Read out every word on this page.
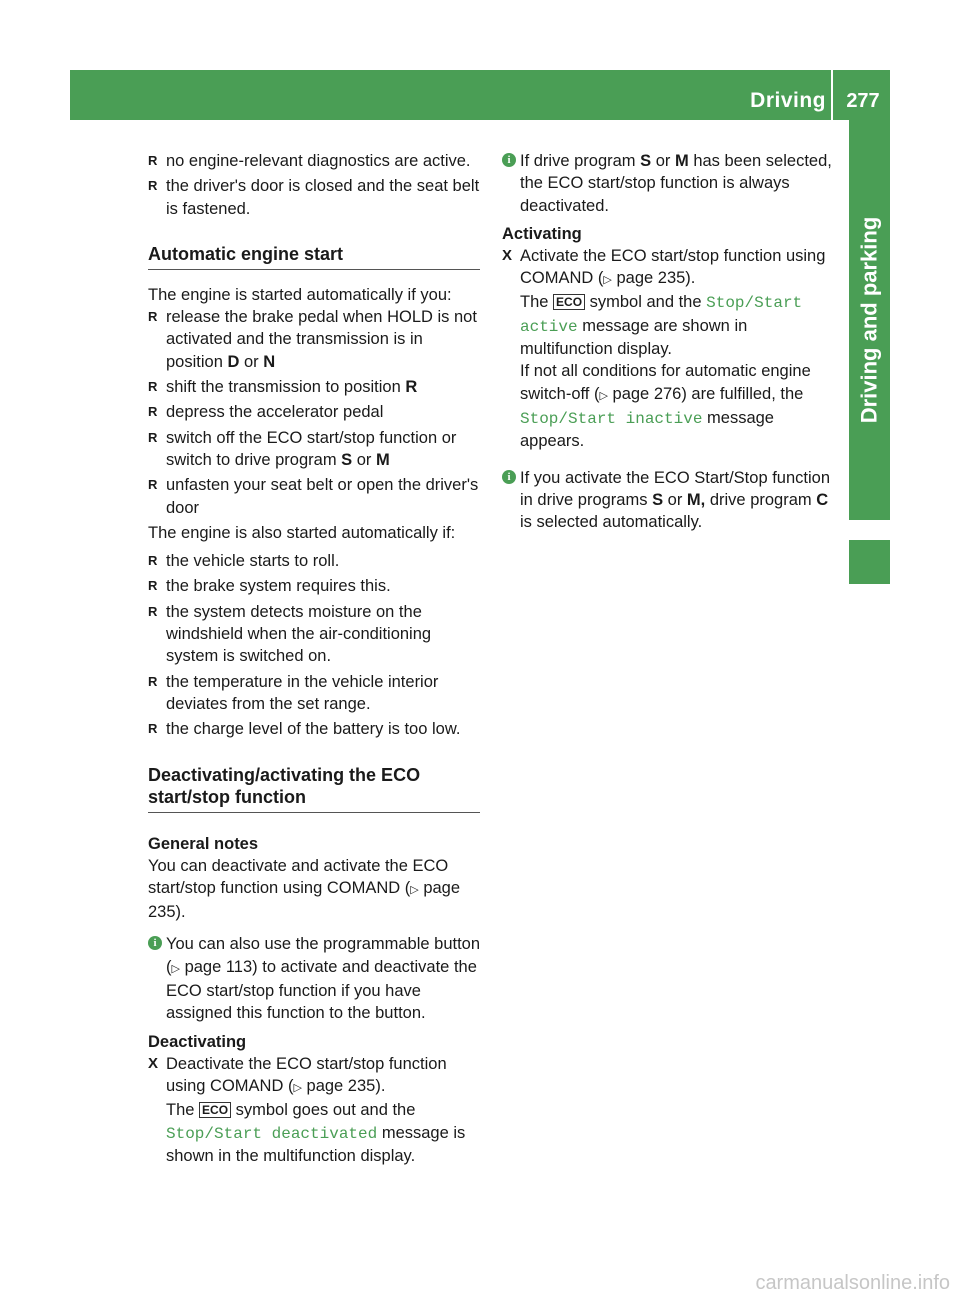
Driving	277
Driving and parking
R no engine-relevant diagnostics are active.
R the driver's door is closed and the seat belt is fastened.
Automatic engine start

The engine is started automatically if you:

R release the brake pedal when HOLD is not activated and the transmission is in position D or N
R shift the transmission to position R
R depress the accelerator pedal
R switch off the ECO start/stop function or switch to drive program S or M
R unfasten your seat belt or open the driver's door

The engine is also started automatically if:

R the vehicle starts to roll.
R the brake system requires this.
R the system detects moisture on the windshield when the air-conditioning system is switched on.
R the temperature in the vehicle interior deviates from the set range.
R the charge level of the battery is too low.
Deactivating/activating the ECO start/stop function
General notes

You can deactivate and activate the ECO start/stop function using COMAND (▷ page 235).

i You can also use the programmable button (▷ page 113) to activate and deactivate the ECO start/stop function if you have assigned this function to the button.
Deactivating
X Deactivate the ECO start/stop function using COMAND (▷ page 235).
The ECO symbol goes out and the Stop/Start deactivated message is shown in the multifunction display.
i If drive program S or M has been selected, the ECO start/stop function is always deactivated.
Activating
X Activate the ECO start/stop function using COMAND (▷ page 235).
The ECO symbol and the Stop/Start active message are shown in multifunction display.
If not all conditions for automatic engine switch-off (▷ page 276) are fulfilled, the Stop/Start inactive message appears.
i If you activate the ECO Start/Stop function in drive programs S or M, drive program C is selected automatically.
carmanualsonline.info
